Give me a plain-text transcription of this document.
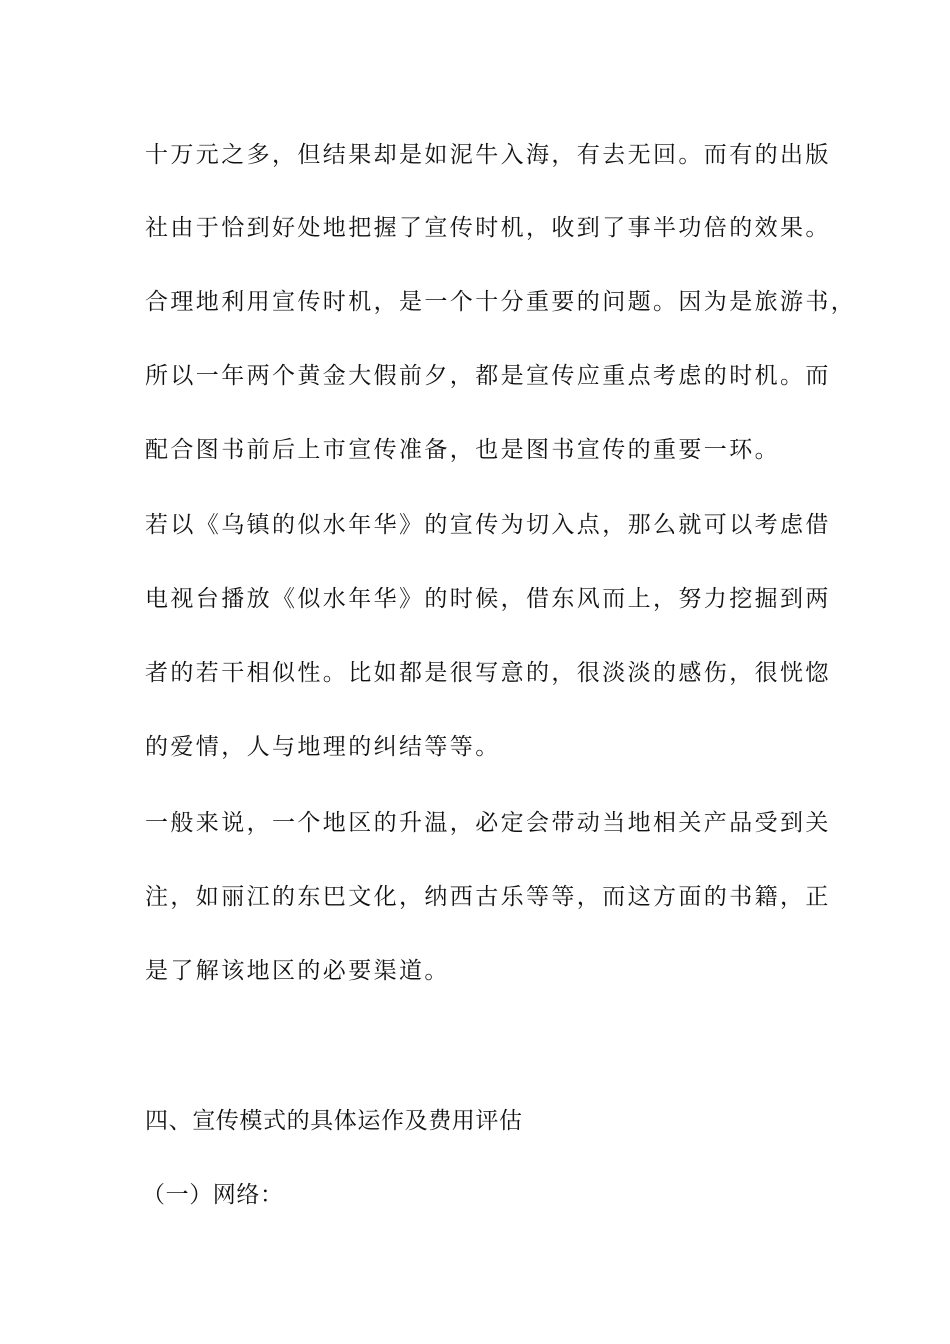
十万元之多，但结果却是如泥牛入海，有去无回。而有的出版
社由于恰到好处地把握了宣传时机，收到了事半功倍的效果。
合理地利用宣传时机，是一个十分重要的问题。因为是旅游书，
所以一年两个黄金大假前夕，都是宣传应重点考虑的时机。而
配合图书前后上市宣传准备，也是图书宣传的重要一环。
若以《乌镇的似水年华》的宣传为切入点，那么就可以考虑借
电视台播放《似水年华》的时候，借东风而上，努力挖掘到两
者的若干相似性。比如都是很写意的，很淡淡的感伤，很恍惚
的爱情，人与地理的纠结等等。
一般来说，一个地区的升温，必定会带动当地相关产品受到关
注，如丽江的东巴文化，纳西古乐等等，而这方面的书籍，正
是了解该地区的必要渠道。
四、宣传模式的具体运作及费用评估
（一）网络：
